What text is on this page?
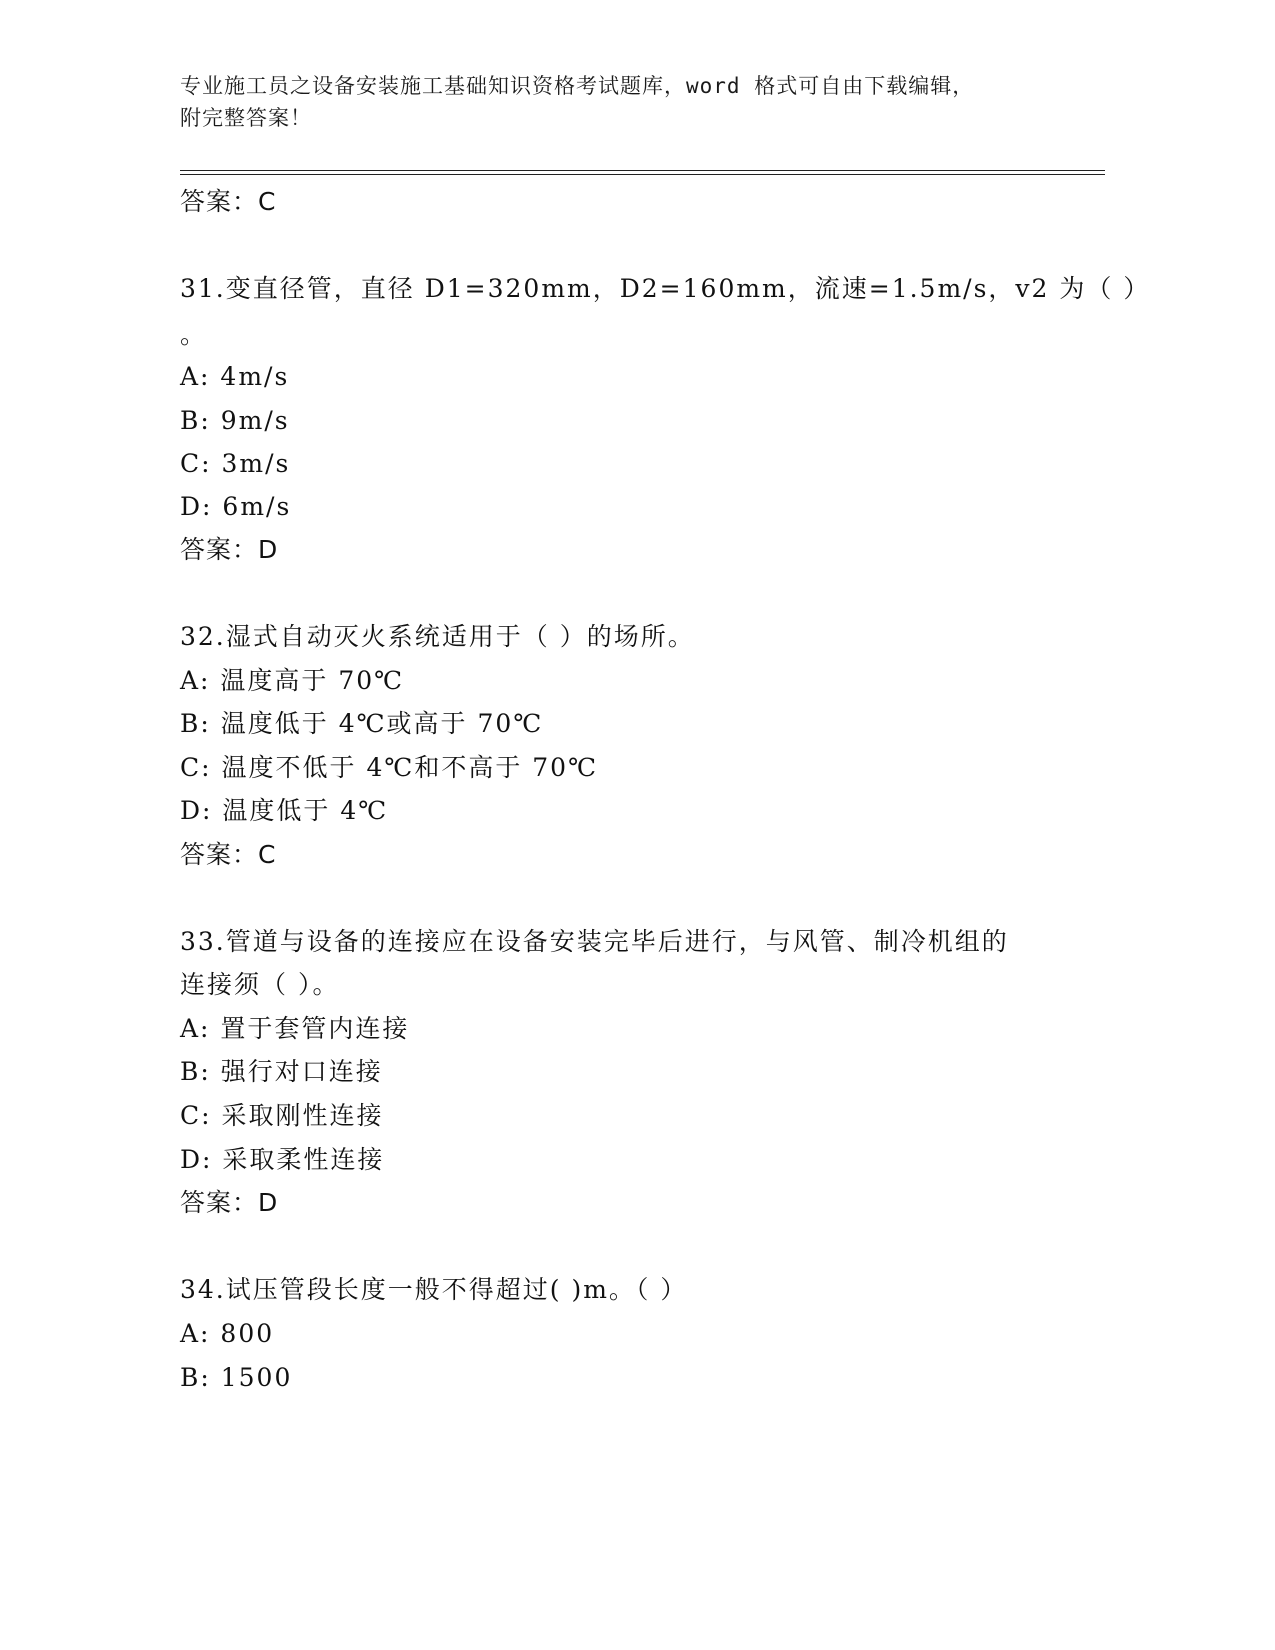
专业施工员之设备安装施工基础知识资格考试题库，word 格式可自由下载编辑，
附完整答案！
答案：C
31.变直径管，直径 D1=320mm，D2=160mm，流速=1.5m/s，v2 为（ ）
。
A: 4m/s
B: 9m/s
C: 3m/s
D: 6m/s
答案：D
32.湿式自动灭火系统适用于（ ）的场所。
A: 温度高于 70℃
B: 温度低于 4℃或高于 70℃
C: 温度不低于 4℃和不高于 70℃
D: 温度低于 4℃
答案：C
33.管道与设备的连接应在设备安装完毕后进行，与风管、制冷机组的
连接须（ ）。
A: 置于套管内连接
B: 强行对口连接
C: 采取刚性连接
D: 采取柔性连接
答案：D
34.试压管段长度一般不得超过( )m。（ ）
A: 800
B: 1500
